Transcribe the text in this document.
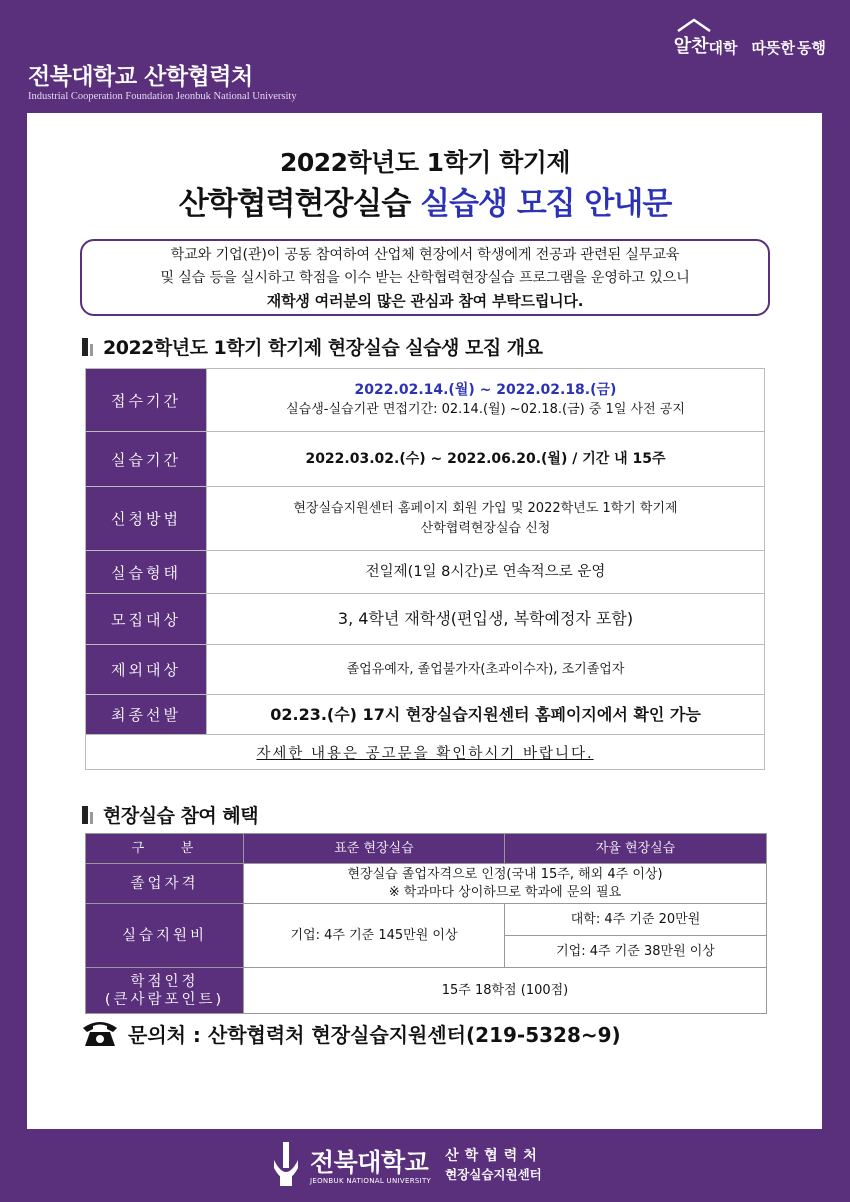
전북대학교 산학협력처
Industrial Cooperation Foundation Jeonbuk National University
알찬 대학 따뜻한 동행
2022학년도 1학기 학기제
산학협력현장실습 실습생 모집 안내문
학교와 기업(관)이 공동 참여하여 산업체 현장에서 학생에게 전공과 관련된 실무교육
및 실습 등을 실시하고 학점을 이수 받는 산학협력현장실습 프로그램을 운영하고 있으니
재학생 여러분의 많은 관심과 참여 부탁드립니다.
2022학년도 1학기 학기제 현장실습 실습생 모집 개요
접수기간	2022.02.14.(월) ~ 2022.02.18.(금)
실습생-실습기관 면접기간: 02.14.(월) ~02.18.(금) 중 1일 사전 공지

실습기간	2022.03.02.(수) ~ 2022.06.20.(월) / 기간 내 15주
신청방법	현장실습지원센터 홈페이지 회원 가입 및 2022학년도 1학기 학기제
산학협력현장실습 신청

실습형태	전일제(1일 8시간)로 연속적으로 운영
모집대상	3, 4학년 재학생(편입생, 복학예정자 포함)
제외대상	졸업유예자, 졸업불가자(초과이수자), 조기졸업자
최종선발	02.23.(수) 17시 현장실습지원센터 홈페이지에서 확인 가능
자세한 내용은 공고문을 확인하시기 바랍니다.	
현장실습 참여 혜택
구    분	표준 현장실습	자율 현장실습
졸업자격	현장실습 졸업자격으로 인정(국내 15주, 해외 4주 이상)
※ 학과마다 상이하므로 학과에 문의 필요	

실습지원비	기업: 4주 기준 145만원 이상	대학: 4주 기준 20만원
		기업: 4주 기준 38만원 이상

학점인정
(큰사람포인트)	15주 18학점 (100점)	
문의처 : 산학협력처 현장실습지원센터(219-5328~9)
전북대학교
JEONBUK NATIONAL UNIVERSITY
산학협력처
현장실습지원센터
